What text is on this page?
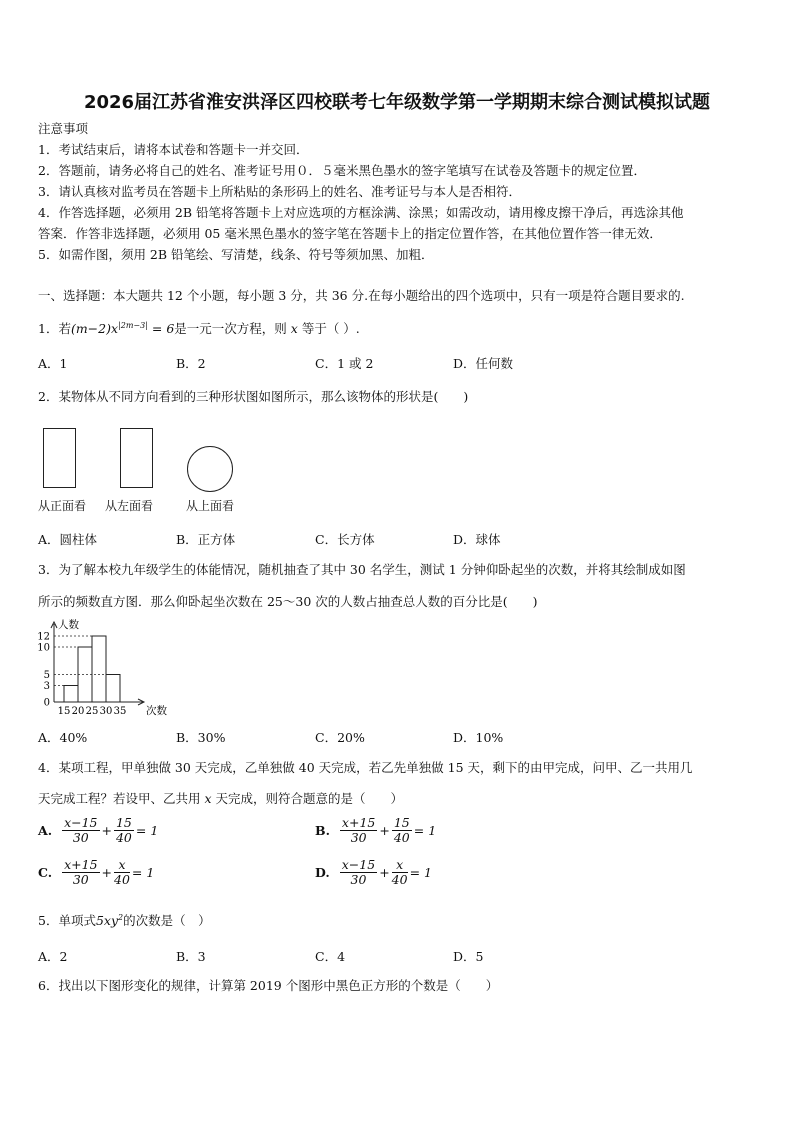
2026届江苏省淮安洪泽区四校联考七年级数学第一学期期末综合测试模拟试题
注意事项
1．考试结束后，请将本试卷和答题卡一并交回．
2．答题前，请务必将自己的姓名、准考证号用０．５毫米黑色墨水的签字笔填写在试卷及答题卡的规定位置．
3．请认真核对监考员在答题卡上所粘贴的条形码上的姓名、准考证号与本人是否相符．
4．作答选择题，必须用 2B 铅笔将答题卡上对应选项的方框涂满、涂黑；如需改动，请用橡皮擦干净后，再选涂其他
答案．作答非选择题，必须用 05 毫米黑色墨水的签字笔在答题卡上的指定位置作答，在其他位置作答一律无效．
5．如需作图，须用 2B 铅笔绘、写清楚，线条、符号等须加黑、加粗．
一、选择题：本大题共 12 个小题，每小题 3 分，共 36 分.在每小题给出的四个选项中，只有一项是符合题目要求的.
1．若$(m-2)x^{|2m-3|} = 6$是一元一次方程，则 x 等于（ ）.
A．1	B．2	C．1 或 2	D．任何数
2．某物体从不同方向看到的三种形状图如图所示，那么该物体的形状是(　　)
从正面看 从左面看	从上面看
A．圆柱体	B．正方体	C．长方体	D．球体
3．为了解本校九年级学生的体能情况，随机抽查了其中 30 名学生，测试 1 分钟仰卧起坐的次数，并将其绘制成如图
所示的频数直方图．那么仰卧起坐次数在 25～30 次的人数占抽查总人数的百分比是(　　)
0
3
5
10
12
15 20 25 30 35
人数
次数
A．40%	B．30%	C．20%	D．10%
4．某项工程，甲单独做 30 天完成，乙单独做 40 天完成，若乙先单独做 15 天，剩下的由甲完成，问甲、乙一共用几
天完成工程？若设甲、乙共用 x 天完成，则符合题意的是（　　）
A. $\frac{x-15}{30} + \frac{15}{40} = 1$	B. $\frac{x+15}{30} + \frac{15}{40} = 1$
C. $\frac{x+15}{30} + \frac{x}{40} = 1$	D. $\frac{x-15}{30} + \frac{x}{40} = 1$
5．单项式$5xy^2$的次数是（　）
A．2	B．3	C．4	D．5
6．找出以下图形变化的规律，计算第 2019 个图形中黑色正方形的个数是（　　）
